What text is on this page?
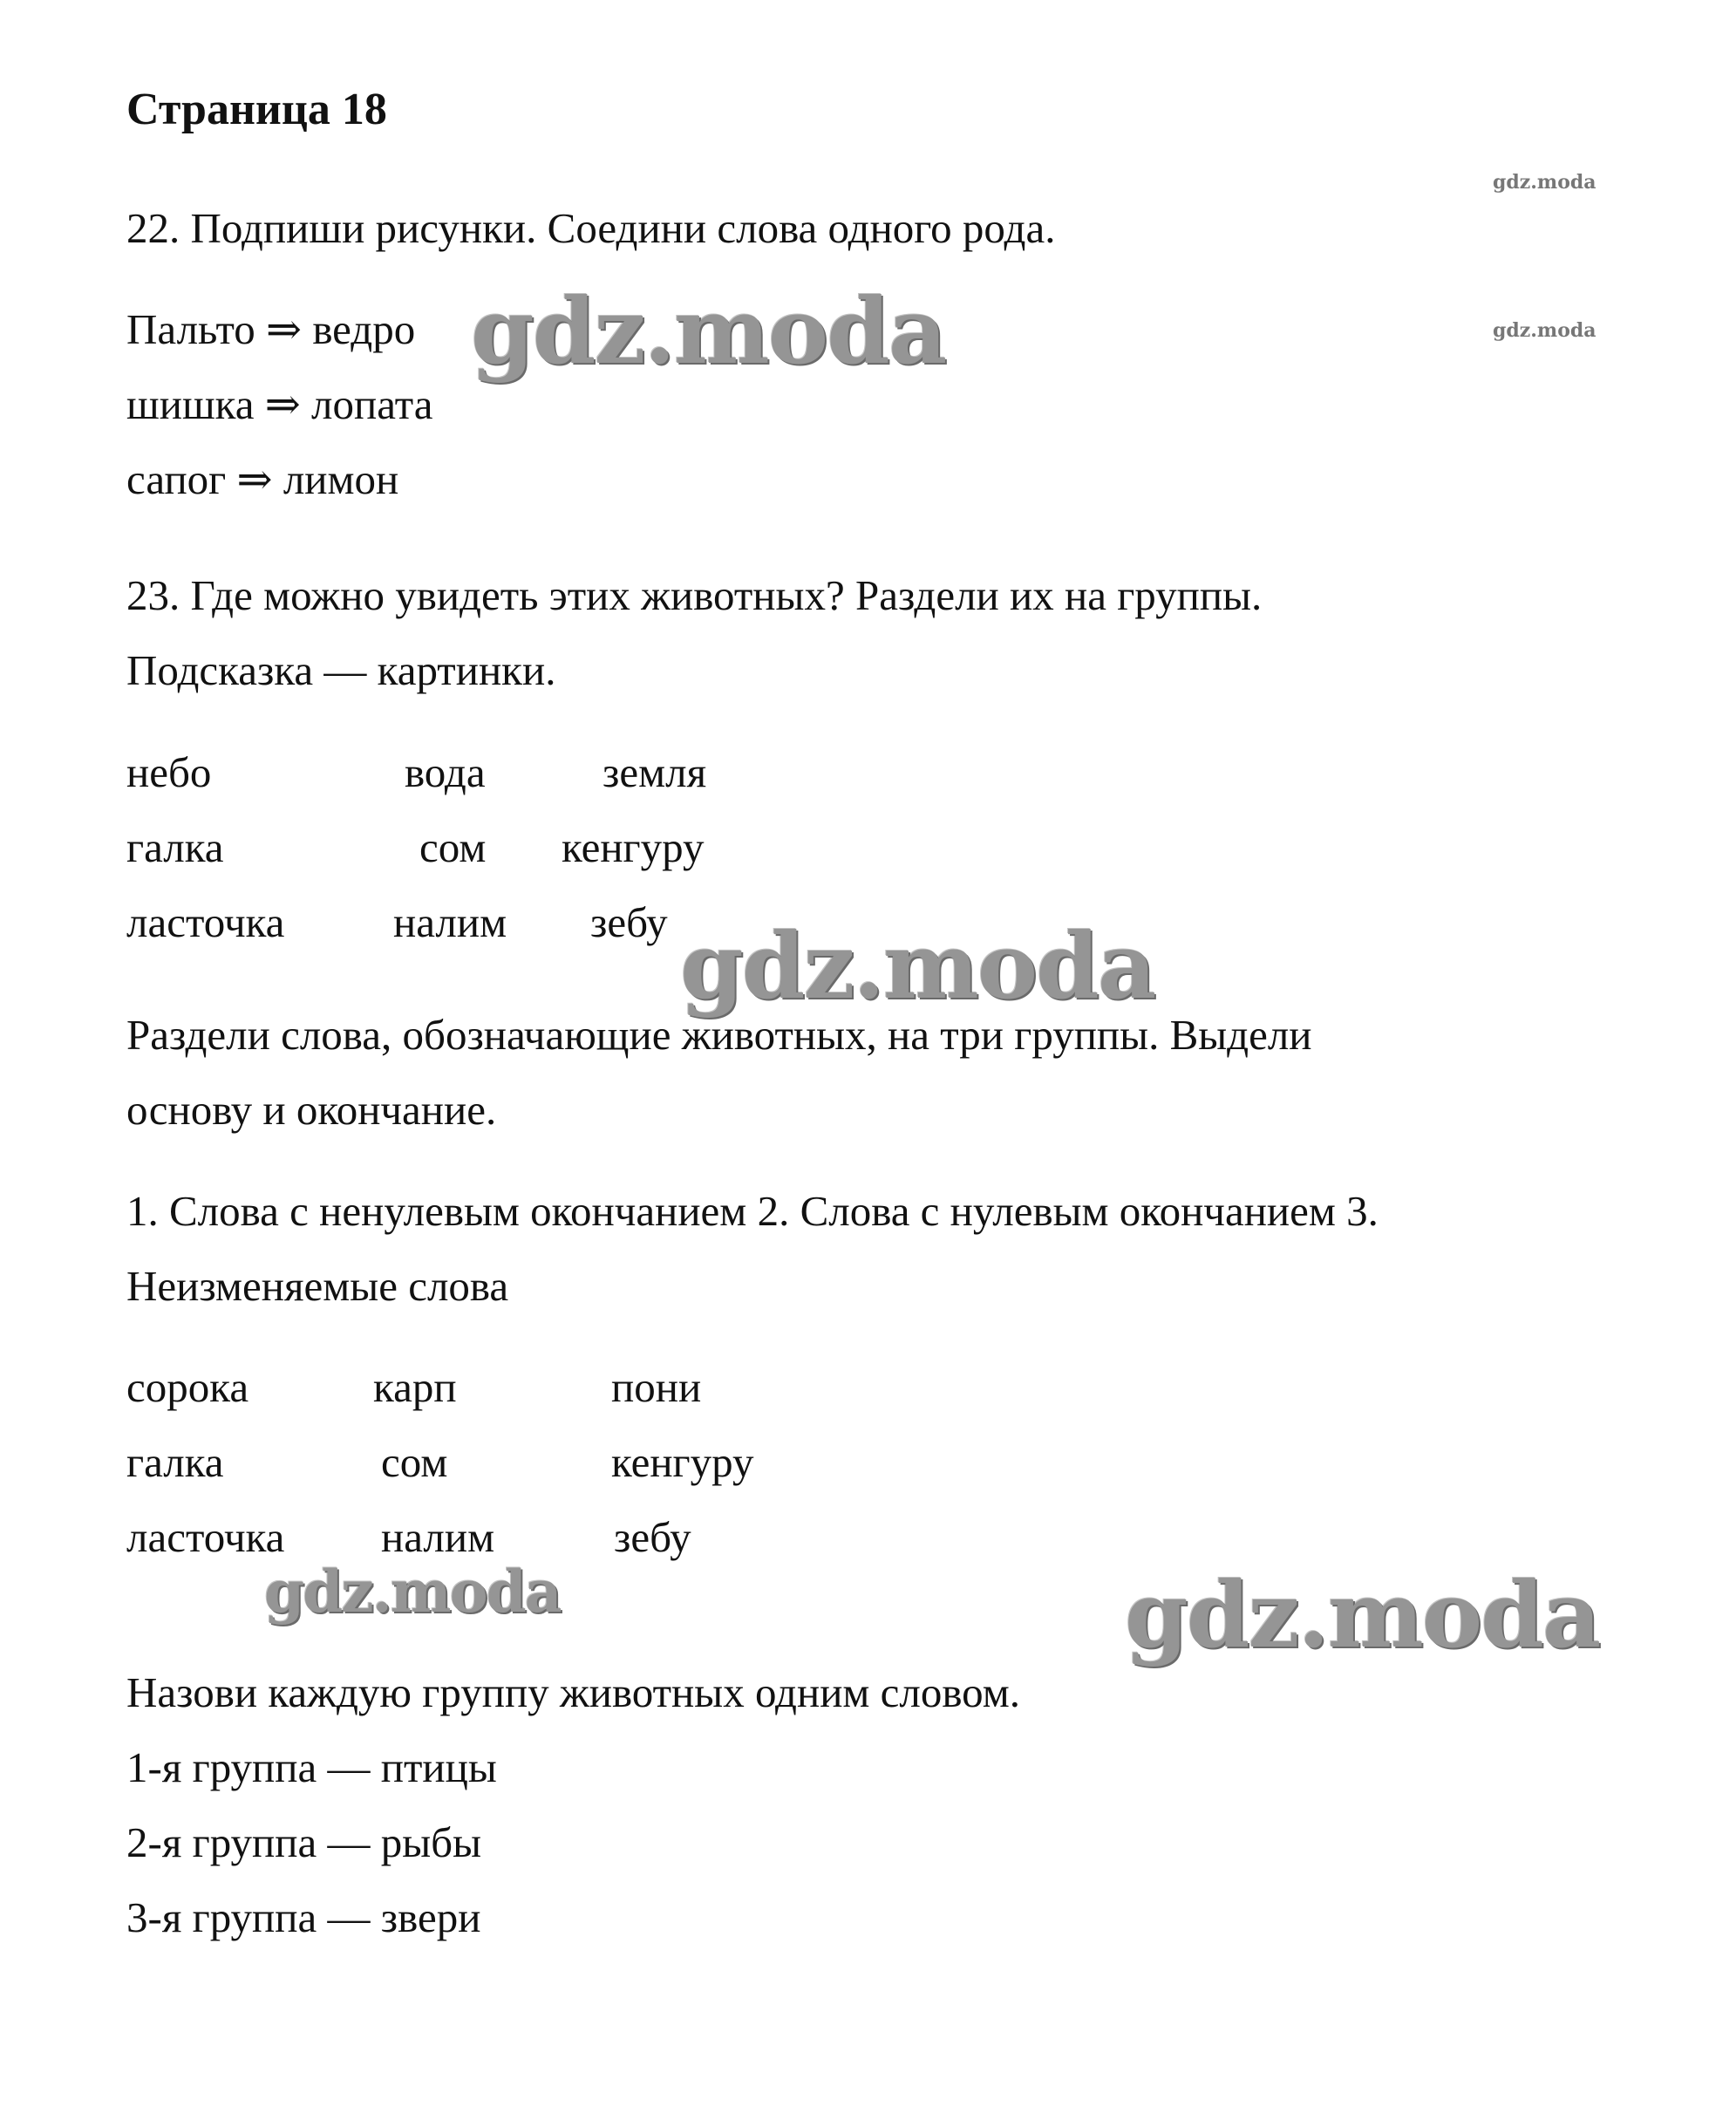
Страница 18
gdz.moda
gdz.moda
22. Подпиши рисунки. Соедини слова одного рода.
Пальто ⇒ ведро
шишка ⇒ лопата
сапог ⇒ лимон
gdz.moda
23. Где можно увидеть этих животных? Раздели их на группы.
Подсказка — картинки.
небо	вода	земля
галка	сом кенгуру
ласточка	налим зебу gdz.moda
Раздели слова, обозначающие животных, на три группы. Выдели
основу и окончание.
1. Слова с ненулевым окончанием 2. Слова с нулевым окончанием 3.
Неизменяемые слова
сорока	карп	пони
галка	сом	кенгуру
ласточка налим	зебу
gdz.moda	gdz.moda
Назови каждую группу животных одним словом.
1-я группа — птицы
2-я группа — рыбы
3-я группа — звери
